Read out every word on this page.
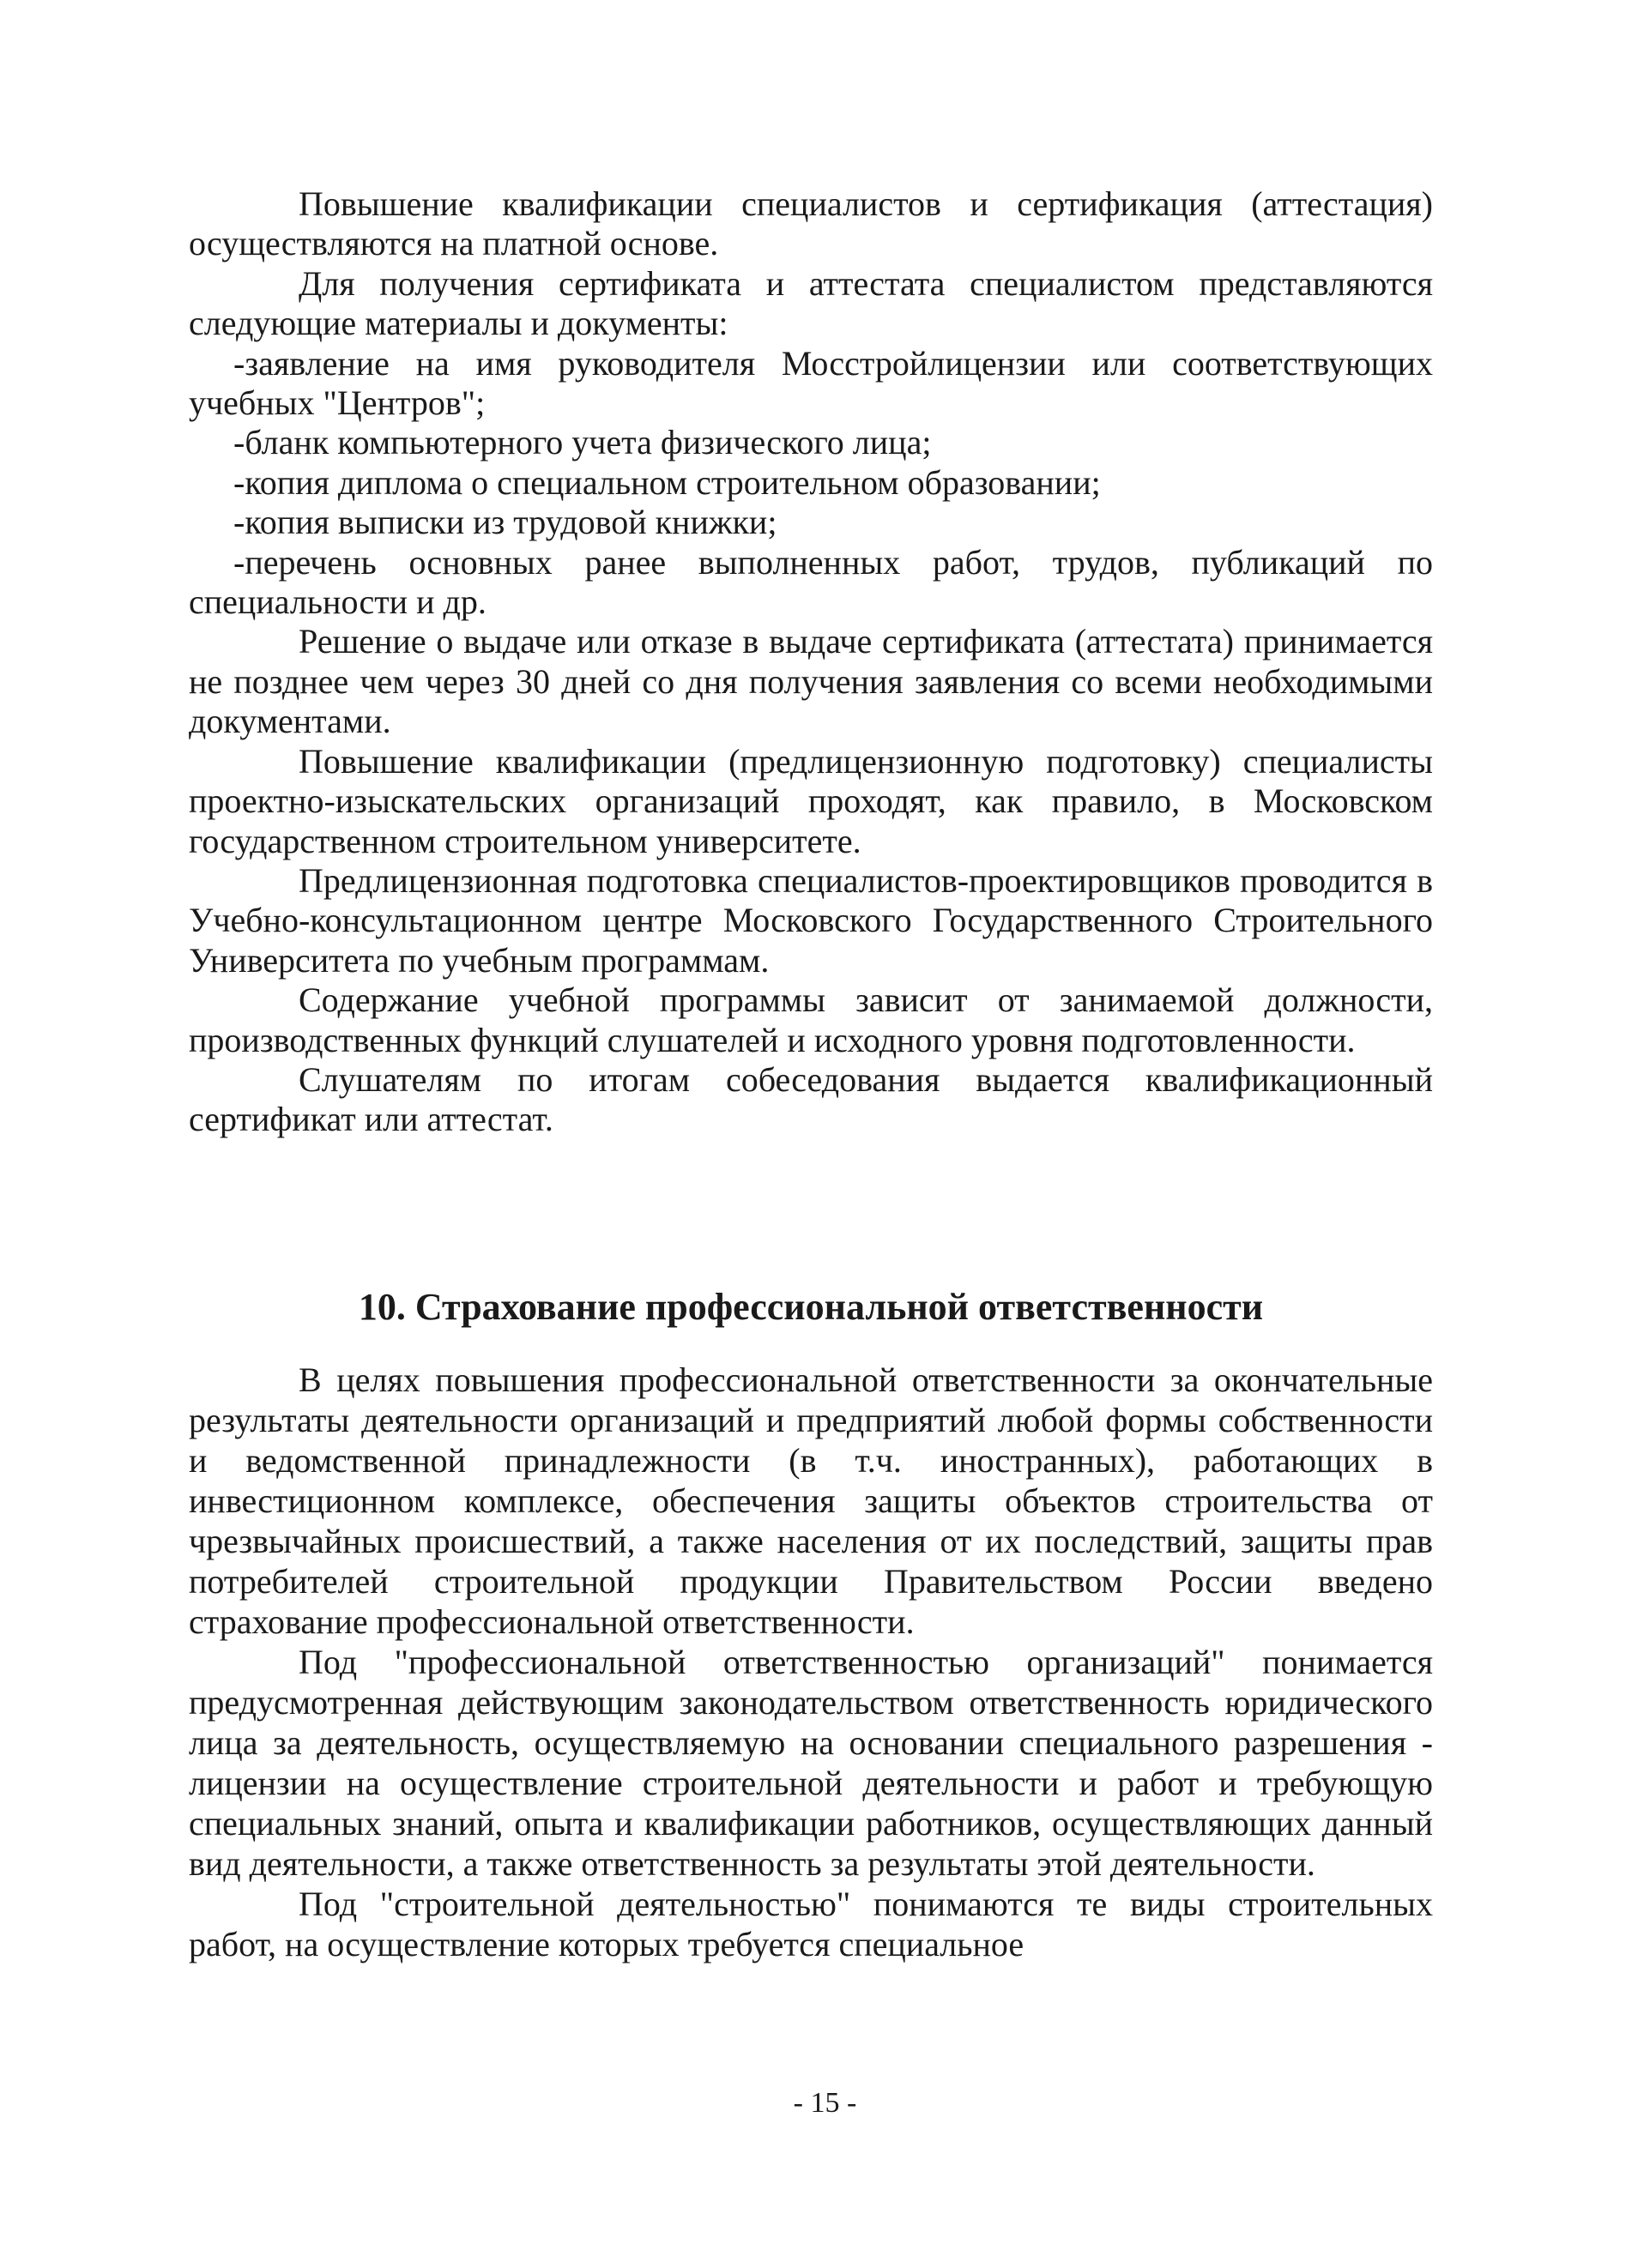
Повышение квалификации специалистов и сертификация (аттестация) осуществляются на платной основе.

Для получения сертификата и аттестата специалистом представляются следующие материалы и документы:

-заявление на имя руководителя Мосстройлицензии или соответствующих учебных "Центров";

-бланк компьютерного учета физического лица;

-копия диплома о специальном строительном образовании;

-копия выписки из трудовой книжки;

-перечень основных ранее выполненных работ, трудов, публикаций по специальности и др.

Решение о выдаче или отказе в выдаче сертификата (аттестата) принимается не позднее чем через 30 дней со дня получения заявления со всеми необходимыми документами.

Повышение квалификации (предлицензионную подготовку) специалисты проектно-изыскательских организаций проходят, как правило, в Московском государственном строительном университете.

Предлицензионная подготовка специалистов-проектировщиков проводится в Учебно-консультационном центре Московского Государственного Строительного Университета по учебным программам.

Содержание учебной программы зависит от занимаемой должности, производственных функций слушателей и исходного уровня подготовленности.

Слушателям по итогам собеседования выдается квалификационный сертификат или аттестат.

10. Страхование профессиональной ответственности

В целях повышения профессиональной ответственности за окончательные результаты деятельности организаций и предприятий любой формы собственности и ведомственной принадлежности (в т.ч. иностранных), работающих в инвестиционном комплексе, обеспечения защиты объектов строительства от чрезвычайных происшествий, а также населения от их последствий, защиты прав потребителей строительной продукции Правительством России введено страхование профессиональной ответственности.

Под "профессиональной ответственностью организаций" понимается предусмотренная действующим законодательством ответственность юридического лица за деятельность, осуществляемую на основании специального разрешения - лицензии на осуществление строительной деятельности и работ и требующую специальных знаний, опыта и квалификации работников, осуществляющих данный вид деятельности, а также ответственность за результаты этой деятельности.

Под "строительной деятельностью" понимаются те виды строительных работ, на осуществление которых требуется специальное

- 15 -
